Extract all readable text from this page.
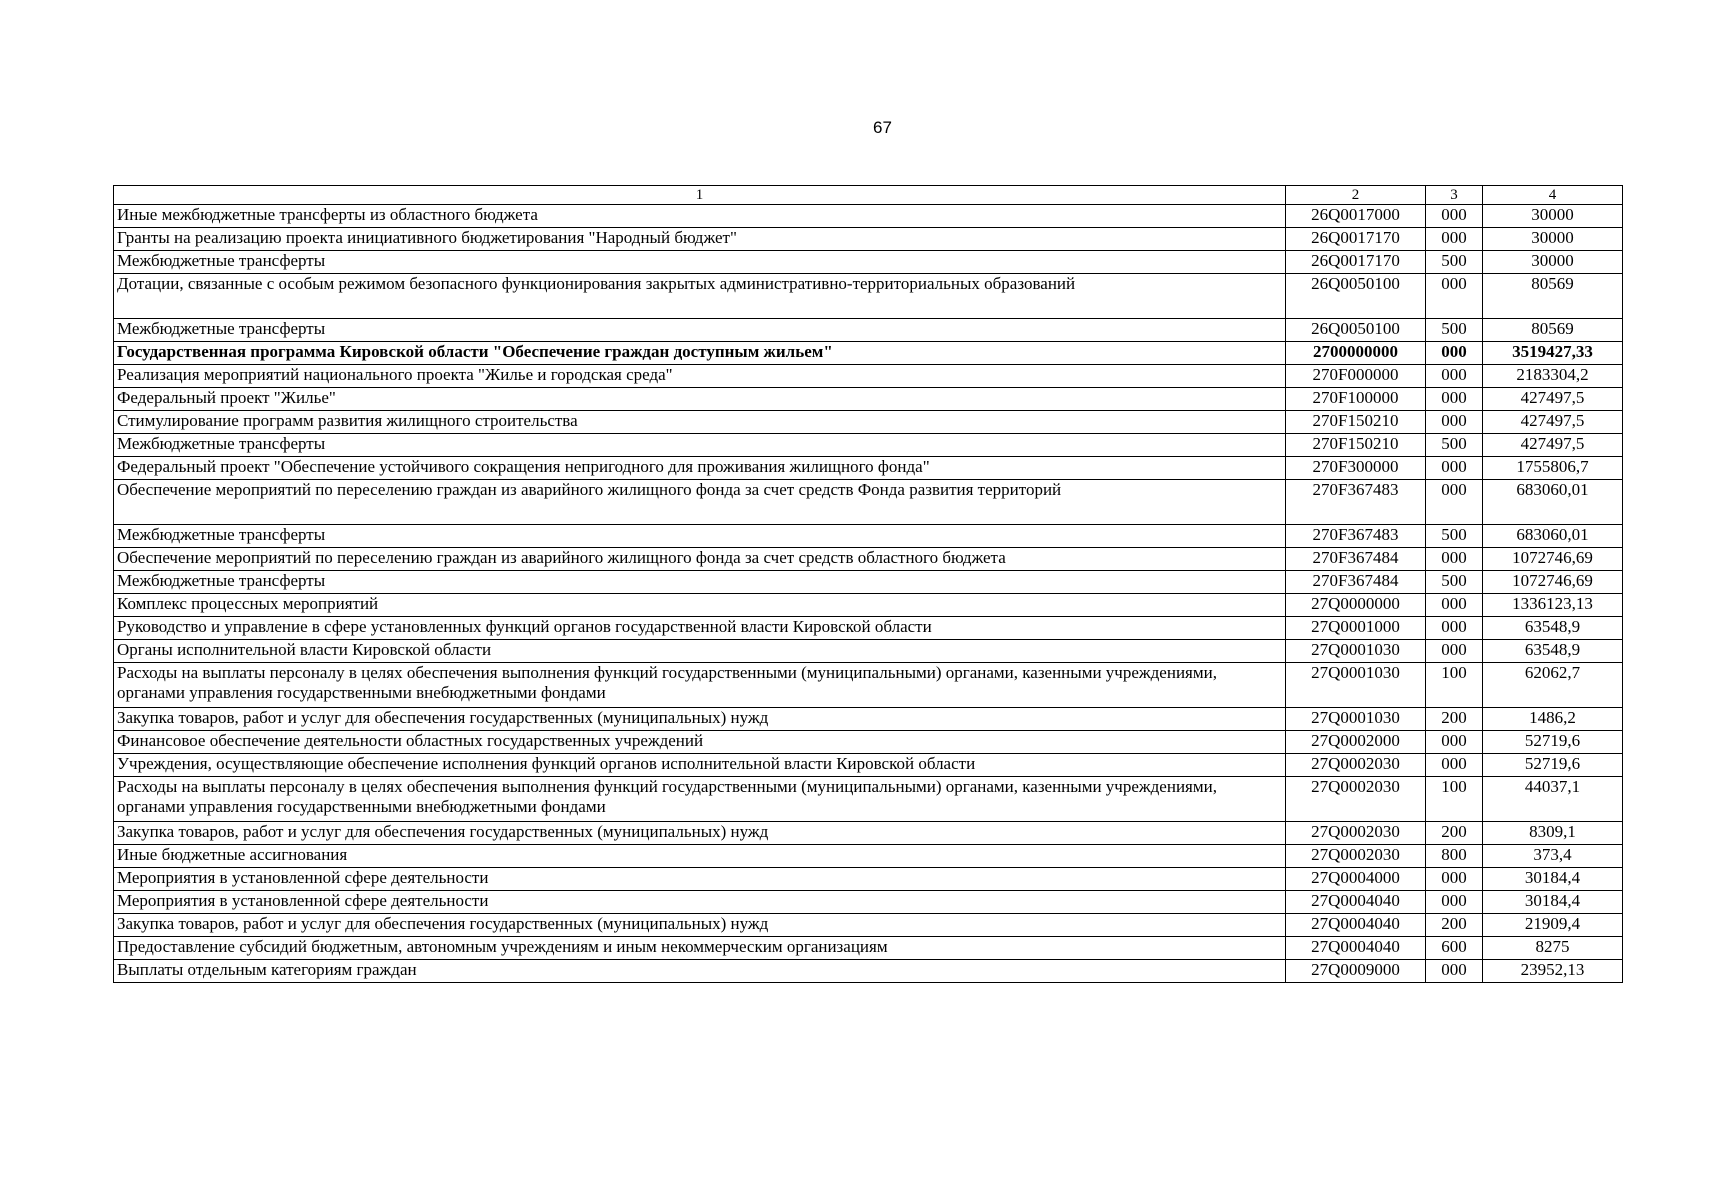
67
1	2	3	4
Иные межбюджетные трансферты из областного бюджета	26Q0017000	000	30000
Гранты на реализацию проекта инициативного бюджетирования "Народный бюджет"	26Q0017170	000	30000
Межбюджетные трансферты	26Q0017170	500	30000
Дотации, связанные с особым режимом безопасного функционирования закрытых административно-территориальных образований	26Q0050100	000	80569
Межбюджетные трансферты	26Q0050100	500	80569
Государственная программа Кировской области "Обеспечение граждан доступным жильем"	2700000000	000	3519427,33
Реализация мероприятий национального проекта "Жилье и городская среда"	270F000000	000	2183304,2
Федеральный проект "Жилье"	270F100000	000	427497,5
Стимулирование программ развития жилищного строительства	270F150210	000	427497,5
Межбюджетные трансферты	270F150210	500	427497,5
Федеральный проект "Обеспечение устойчивого сокращения непригодного для проживания жилищного фонда"	270F300000	000	1755806,7
Обеспечение мероприятий по переселению граждан из аварийного жилищного фонда за счет средств Фонда развития территорий	270F367483	000	683060,01
Межбюджетные трансферты	270F367483	500	683060,01
Обеспечение мероприятий по переселению граждан из аварийного жилищного фонда за счет средств областного бюджета	270F367484	000	1072746,69
Межбюджетные трансферты	270F367484	500	1072746,69
Комплекс процессных мероприятий	27Q0000000	000	1336123,13
Руководство и управление в сфере установленных функций органов государственной власти Кировской области	27Q0001000	000	63548,9
Органы исполнительной власти Кировской области	27Q0001030	000	63548,9
Расходы на выплаты персоналу в целях обеспечения выполнения функций государственными (муниципальными) органами, казенными учреждениями, органами управления государственными внебюджетными фондами	27Q0001030	100	62062,7
Закупка товаров, работ и услуг для обеспечения государственных (муниципальных) нужд	27Q0001030	200	1486,2
Финансовое обеспечение деятельности областных государственных учреждений	27Q0002000	000	52719,6
Учреждения, осуществляющие обеспечение исполнения функций органов исполнительной власти Кировской области	27Q0002030	000	52719,6
Расходы на выплаты персоналу в целях обеспечения выполнения функций государственными (муниципальными) органами, казенными учреждениями, органами управления государственными внебюджетными фондами	27Q0002030	100	44037,1
Закупка товаров, работ и услуг для обеспечения государственных (муниципальных) нужд	27Q0002030	200	8309,1
Иные бюджетные ассигнования	27Q0002030	800	373,4
Мероприятия в установленной сфере деятельности	27Q0004000	000	30184,4
Мероприятия в установленной сфере деятельности	27Q0004040	000	30184,4
Закупка товаров, работ и услуг для обеспечения государственных (муниципальных) нужд	27Q0004040	200	21909,4
Предоставление субсидий бюджетным, автономным учреждениям и иным некоммерческим организациям	27Q0004040	600	8275
Выплаты отдельным категориям граждан	27Q0009000	000	23952,13
